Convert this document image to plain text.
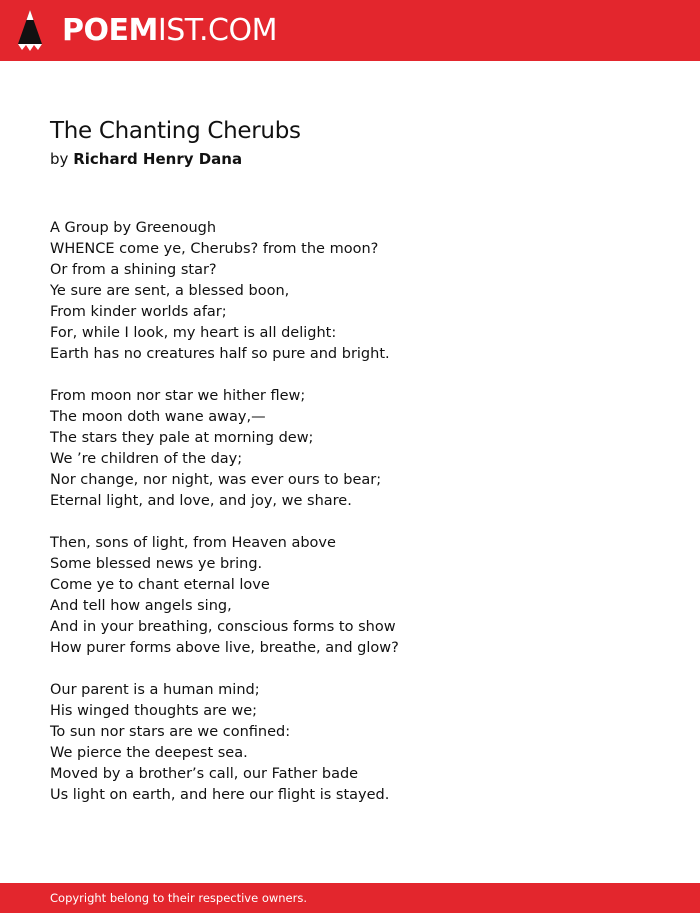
POEMIST.COM
The Chanting Cherubs
by Richard Henry Dana

A Group by Greenough
WHENCE come ye, Cherubs? from the moon?
Or from a shining star?
Ye sure are sent, a blessed boon,
From kinder worlds afar;
For, while I look, my heart is all delight:
Earth has no creatures half so pure and bright.

From moon nor star we hither flew;
The moon doth wane away,—
The stars they pale at morning dew;
We ’re children of the day;
Nor change, nor night, was ever ours to bear;
Eternal light, and love, and joy, we share.

Then, sons of light, from Heaven above
Some blessed news ye bring.
Come ye to chant eternal love
And tell how angels sing,
And in your breathing, conscious forms to show
How purer forms above live, breathe, and glow?

Our parent is a human mind;
His winged thoughts are we;
To sun nor stars are we confined:
We pierce the deepest sea.
Moved by a brother’s call, our Father bade
Us light on earth, and here our flight is stayed.

Copyright belong to their respective owners.
